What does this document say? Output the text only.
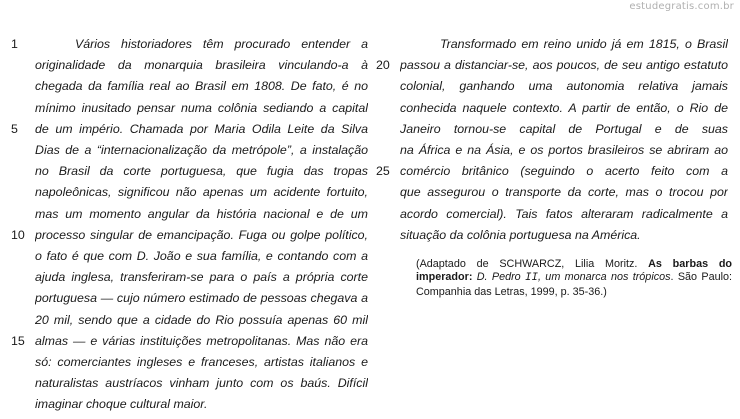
estudegratis.com.br
1
5
10
15
Vários historiadores têm procurado entender a
originalidade da monarquia brasileira vinculando-a à
chegada da família real ao Brasil em 1808. De fato, é no
mínimo inusitado pensar numa colônia sediando a capital
de um império. Chamada por Maria Odila Leite da Silva
Dias de a “internacionalização da metrópole”, a instalação
no Brasil da corte portuguesa, que fugia das tropas
napoleônicas, significou não apenas um acidente fortuito,
mas um momento angular da história nacional e de um
processo singular de emancipação. Fuga ou golpe político,
o fato é que com D. João e sua família, e contando com a
ajuda inglesa, transferiram-se para o país a própria corte
portuguesa — cujo número estimado de pessoas chegava a
20 mil, sendo que a cidade do Rio possuía apenas 60 mil
almas — e várias instituições metropolitanas. Mas não era
só: comerciantes ingleses e franceses, artistas italianos e
naturalistas austríacos vinham junto com os baús. Difícil
imaginar choque cultural maior.
20
25
Transformado em reino unido já em 1815, o Brasil
passou a distanciar-se, aos poucos, de seu antigo estatuto
colonial, ganhando uma autonomia relativa jamais
conhecida naquele contexto. A partir de então, o Rio de
Janeiro tornou-se capital de Portugal e de suas
na África e na Ásia, e os portos brasileiros se abriram ao
comércio britânico (seguindo o acerto feito com a
que assegurou o transporte da corte, mas o trocou por
acordo comercial). Tais fatos alteraram radicalmente a
situação da colônia portuguesa na América.
(Adaptado de SCHWARCZ, Lilia Moritz. As barbas do imperador: D. Pedro II, um monarca nos trópicos. São Paulo: Companhia das Letras, 1999, p. 35-36.)
